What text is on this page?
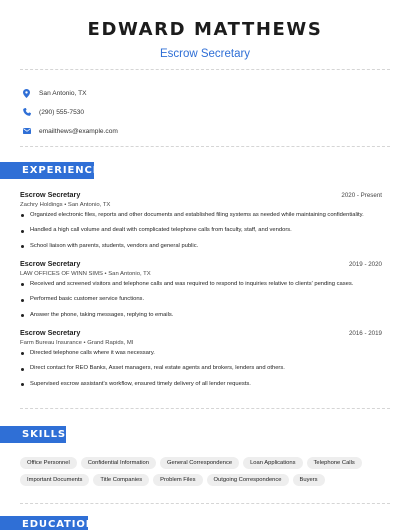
EDWARD MATTHEWS
Escrow Secretary
San Antonio, TX
(290) 555-7530
emailthews@example.com
EXPERIENCE
Escrow Secretary	2020 - Present
Zachry Holdings • San Antonio, TX
Organized electronic files, reports and other documents and established filing systems as needed while maintaining confidentiality.
Handled a high call volume and dealt with complicated telephone calls from faculty, staff, and vendors.
School liaison with parents, students, vendors and general public.
Escrow Secretary	2019 - 2020
LAW OFFICES OF WINN SIMS • San Antonio, TX
Received and screened visitors and telephone calls and was required to respond to inquiries relative to clients' pending cases.
Performed basic customer service functions.
Answer the phone, taking messages, replying to emails.
Escrow Secretary	2016 - 2019
Farm Bureau Insurance • Grand Rapids, MI
Directed telephone calls where it was necessary.
Direct contact for REO Banks, Asset managers, real estate agents and brokers, lenders and others.
Supervised escrow assistant's workflow, ensured timely delivery of all lender requests.
SKILLS
Office Personnel	Confidential Information	General Correspondence	Loan Applications	Telephone Calls
Important Documents	Title Companies	Problem Files	Outgoing Correspondence	Buyers
EDUCATION
